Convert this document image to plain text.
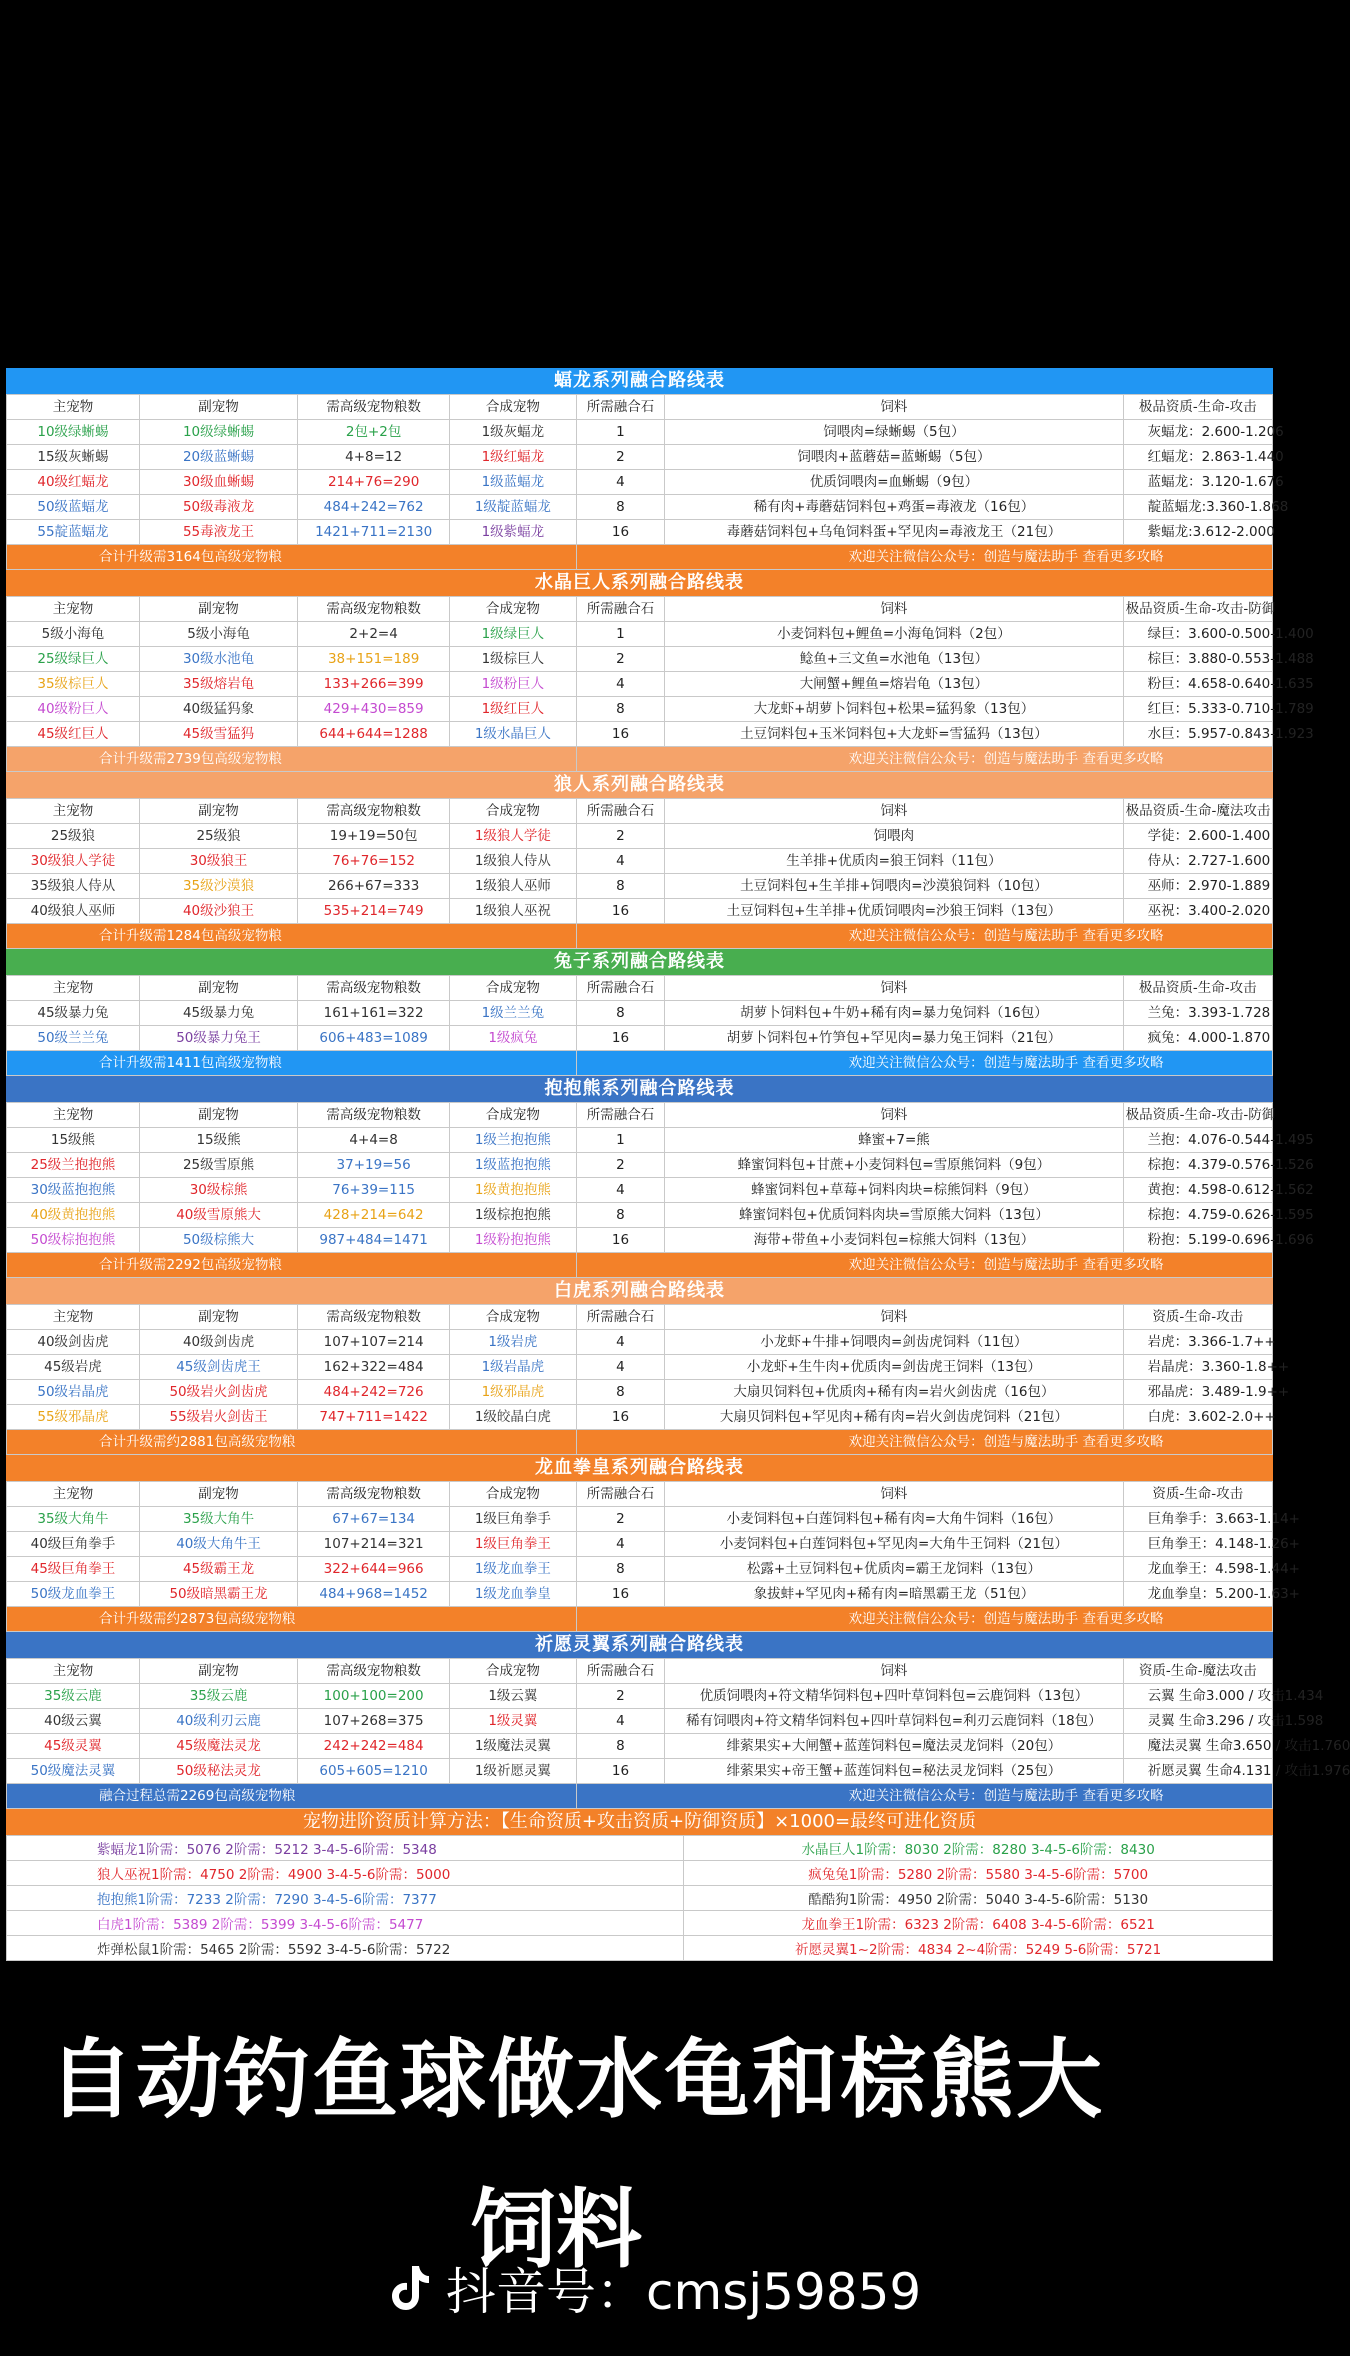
蝠龙系列融合路线表
主宠物	副宠物	需高级宠物粮数	合成宠物	所需融合石	饲料	极品资质-生命-攻击
10级绿蜥蜴	10级绿蜥蜴	2包+2包	1级灰蝠龙	1	饲喂肉=绿蜥蜴（5包）	灰蝠龙：2.600-1.206
15级灰蜥蜴	20级蓝蜥蜴	4+8=12	1级红蝠龙	2	饲喂肉+蓝蘑菇=蓝蜥蜴（5包）	红蝠龙：2.863-1.440
40级红蝠龙	30级血蜥蜴	214+76=290	1级蓝蝠龙	4	优质饲喂肉=血蜥蜴（9包）	蓝蝠龙：3.120-1.676
50级蓝蝠龙	50级毒液龙	484+242=762	1级靛蓝蝠龙	8	稀有肉+毒蘑菇饲料包+鸡蛋=毒液龙（16包）	靛蓝蝠龙:3.360-1.868
55靛蓝蝠龙	55毒液龙王	1421+711=2130	1级紫蝠龙	16	毒蘑菇饲料包+乌龟饲料蛋+罕见肉=毒液龙王（21包）	紫蝠龙:3.612-2.000
合计升级需3164包高级宠物粮				欢迎关注微信公众号：创造与魔法助手 查看更多攻略		
水晶巨人系列融合路线表
主宠物	副宠物	需高级宠物粮数	合成宠物	所需融合石	饲料	极品资质-生命-攻击-防御
5级小海龟	5级小海龟	2+2=4	1级绿巨人	1	小麦饲料包+鲤鱼=小海龟饲料（2包）	绿巨：3.600-0.500-1.400
25级绿巨人	30级水池龟	38+151=189	1级棕巨人	2	鲶鱼+三文鱼=水池龟（13包）	棕巨：3.880-0.553-1.488
35级棕巨人	35级熔岩龟	133+266=399	1级粉巨人	4	大闸蟹+鲤鱼=熔岩龟（13包）	粉巨：4.658-0.640-1.635
40级粉巨人	40级猛犸象	429+430=859	1级红巨人	8	大龙虾+胡萝卜饲料包+松果=猛犸象（13包）	红巨：5.333-0.710-1.789
45级红巨人	45级雪猛犸	644+644=1288	1级水晶巨人	16	土豆饲料包+玉米饲料包+大龙虾=雪猛犸（13包）	水巨：5.957-0.843-1.923
合计升级需2739包高级宠物粮				欢迎关注微信公众号：创造与魔法助手 查看更多攻略		
狼人系列融合路线表
主宠物	副宠物	需高级宠物粮数	合成宠物	所需融合石	饲料	极品资质-生命-魔法攻击
25级狼	25级狼	19+19=50包	1级狼人学徒	2	饲喂肉	学徒：2.600-1.400
30级狼人学徒	30级狼王	76+76=152	1级狼人侍从	4	生羊排+优质肉=狼王饲料（11包）	侍从：2.727-1.600
35级狼人侍从	35级沙漠狼	266+67=333	1级狼人巫师	8	土豆饲料包+生羊排+饲喂肉=沙漠狼饲料（10包）	巫师：2.970-1.889
40级狼人巫师	40级沙狼王	535+214=749	1级狼人巫祝	16	土豆饲料包+生羊排+优质饲喂肉=沙狼王饲料（13包）	巫祝：3.400-2.020
合计升级需1284包高级宠物粮				欢迎关注微信公众号：创造与魔法助手 查看更多攻略		
兔子系列融合路线表
主宠物	副宠物	需高级宠物粮数	合成宠物	所需融合石	饲料	极品资质-生命-攻击
45级暴力兔	45级暴力兔	161+161=322	1级兰兰兔	8	胡萝卜饲料包+牛奶+稀有肉=暴力兔饲料（16包）	兰兔：3.393-1.728
50级兰兰兔	50级暴力兔王	606+483=1089	1级疯兔	16	胡萝卜饲料包+竹笋包+罕见肉=暴力兔王饲料（21包）	疯兔：4.000-1.870
合计升级需1411包高级宠物粮				欢迎关注微信公众号：创造与魔法助手 查看更多攻略		
抱抱熊系列融合路线表
主宠物	副宠物	需高级宠物粮数	合成宠物	所需融合石	饲料	极品资质-生命-攻击-防御
15级熊	15级熊	4+4=8	1级兰抱抱熊	1	蜂蜜+7=熊	兰抱：4.076-0.544-1.495
25级兰抱抱熊	25级雪原熊	37+19=56	1级蓝抱抱熊	2	蜂蜜饲料包+甘蔗+小麦饲料包=雪原熊饲料（9包）	棕抱：4.379-0.576-1.526
30级蓝抱抱熊	30级棕熊	76+39=115	1级黄抱抱熊	4	蜂蜜饲料包+草莓+饲料肉块=棕熊饲料（9包）	黄抱：4.598-0.612-1.562
40级黄抱抱熊	40级雪原熊大	428+214=642	1级棕抱抱熊	8	蜂蜜饲料包+优质饲料肉块=雪原熊大饲料（13包）	棕抱：4.759-0.626-1.595
50级棕抱抱熊	50级棕熊大	987+484=1471	1级粉抱抱熊	16	海带+带鱼+小麦饲料包=棕熊大饲料（13包）	粉抱：5.199-0.696-1.696
合计升级需2292包高级宠物粮				欢迎关注微信公众号：创造与魔法助手 查看更多攻略		
白虎系列融合路线表
主宠物	副宠物	需高级宠物粮数	合成宠物	所需融合石	饲料	资质-生命-攻击
40级剑齿虎	40级剑齿虎	107+107=214	1级岩虎	4	小龙虾+牛排+饲喂肉=剑齿虎饲料（11包）	岩虎：3.366-1.7++
45级岩虎	45级剑齿虎王	162+322=484	1级岩晶虎	4	小龙虾+生牛肉+优质肉=剑齿虎王饲料（13包）	岩晶虎：3.360-1.8++
50级岩晶虎	50级岩火剑齿虎	484+242=726	1级邪晶虎	8	大扇贝饲料包+优质肉+稀有肉=岩火剑齿虎（16包）	邪晶虎：3.489-1.9++
55级邪晶虎	55级岩火剑齿王	747+711=1422	1级皎晶白虎	16	大扇贝饲料包+罕见肉+稀有肉=岩火剑齿虎饲料（21包）	白虎：3.602-2.0++
合计升级需约2881包高级宠物粮				欢迎关注微信公众号：创造与魔法助手 查看更多攻略		
龙血拳皇系列融合路线表
主宠物	副宠物	需高级宠物粮数	合成宠物	所需融合石	饲料	资质-生命-攻击
35级大角牛	35级大角牛	67+67=134	1级巨角拳手	2	小麦饲料包+白莲饲料包+稀有肉=大角牛饲料（16包）	巨角拳手：3.663-1.14+
40级巨角拳手	40级大角牛王	107+214=321	1级巨角拳王	4	小麦饲料包+白莲饲料包+罕见肉=大角牛王饲料（21包）	巨角拳王：4.148-1.26+
45级巨角拳王	45级霸王龙	322+644=966	1级龙血拳王	8	松露+土豆饲料包+优质肉=霸王龙饲料（13包）	龙血拳王：4.598-1.44+
50级龙血拳王	50级暗黑霸王龙	484+968=1452	1级龙血拳皇	16	象拔蚌+罕见肉+稀有肉=暗黑霸王龙（51包）	龙血拳皇：5.200-1.63+
合计升级需约2873包高级宠物粮				欢迎关注微信公众号：创造与魔法助手 查看更多攻略		
祈愿灵翼系列融合路线表
主宠物	副宠物	需高级宠物粮数	合成宠物	所需融合石	饲料	资质-生命-魔法攻击
35级云鹿	35级云鹿	100+100=200	1级云翼	2	优质饲喂肉+符文精华饲料包+四叶草饲料包=云鹿饲料（13包）	云翼 生命3.000 / 攻击1.434
40级云翼	40级利刃云鹿	107+268=375	1级灵翼	4	稀有饲喂肉+符文精华饲料包+四叶草饲料包=利刃云鹿饲料（18包）	灵翼 生命3.296 / 攻击1.598
45级灵翼	45级魔法灵龙	242+242=484	1级魔法灵翼	8	绯萦果实+大闸蟹+蓝莲饲料包=魔法灵龙饲料（20包）	魔法灵翼 生命3.650 / 攻击1.760
50级魔法灵翼	50级秘法灵龙	605+605=1210	1级祈愿灵翼	16	绯萦果实+帝王蟹+蓝莲饲料包=秘法灵龙饲料（25包）	祈愿灵翼 生命4.131 / 攻击1.976
融合过程总需2269包高级宠物粮				欢迎关注微信公众号：创造与魔法助手 查看更多攻略		
宠物进阶资质计算方法：【生命资质+攻击资质+防御资质】×1000=最终可进化资质
紫蝠龙1阶需：5076 2阶需：5212 3-4-5-6阶需：5348	水晶巨人1阶需：8030 2阶需：8280 3-4-5-6阶需：8430
狼人巫祝1阶需：4750 2阶需：4900 3-4-5-6阶需：5000	疯兔兔1阶需：5280 2阶需：5580 3-4-5-6阶需：5700
抱抱熊1阶需：7233 2阶需：7290 3-4-5-6阶需：7377	酷酷狗1阶需：4950 2阶需：5040 3-4-5-6阶需：5130
白虎1阶需：5389 2阶需：5399 3-4-5-6阶需：5477	龙血拳王1阶需：6323 2阶需：6408 3-4-5-6阶需：6521
炸弹松鼠1阶需：5465 2阶需：5592 3-4-5-6阶需：5722	祈愿灵翼1~2阶需：4834 2~4阶需：5249 5-6阶需：5721
自动钓鱼球做水龟和棕熊大
饲料
抖音号：cmsj59859
